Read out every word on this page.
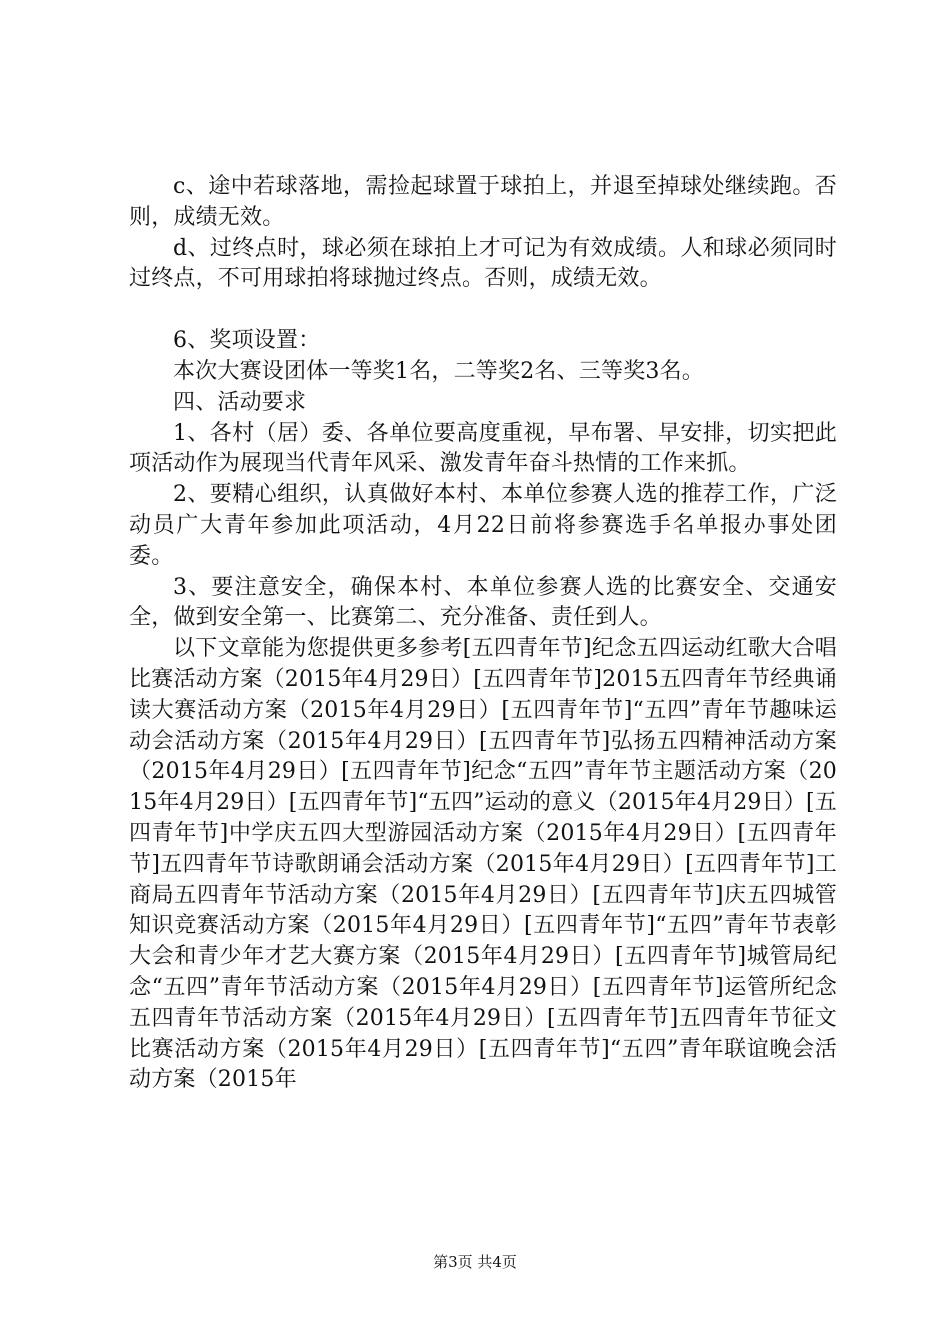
c、途中若球落地，需捡起球置于球拍上，并退至掉球处继续跑。否则，成绩无效。

d、过终点时，球必须在球拍上才可记为有效成绩。人和球必须同时过终点，不可用球拍将球抛过终点。否则，成绩无效。

6、奖项设置：

本次大赛设团体一等奖1名，二等奖2名、三等奖3名。

四、活动要求

1、各村（居）委、各单位要高度重视，早布署、早安排，切实把此项活动作为展现当代青年风采、激发青年奋斗热情的工作来抓。

2、要精心组织，认真做好本村、本单位参赛人选的推荐工作，广泛动员广大青年参加此项活动，4月22日前将参赛选手名单报办事处团委。

3、要注意安全，确保本村、本单位参赛人选的比赛安全、交通安全，做到安全第一、比赛第二、充分准备、责任到人。

以下文章能为您提供更多参考[五四青年节]纪念五四运动红歌大合唱比赛活动方案（2015年4月29日）[五四青年节]2015五四青年节经典诵读大赛活动方案（2015年4月29日）[五四青年节]“五四”青年节趣味运动会活动方案（2015年4月29日）[五四青年节]弘扬五四精神活动方案（2015年4月29日）[五四青年节]纪念“五四”青年节主题活动方案（2015年4月29日）[五四青年节]“五四”运动的意义（2015年4月29日）[五四青年节]中学庆五四大型游园活动方案（2015年4月29日）[五四青年节]五四青年节诗歌朗诵会活动方案（2015年4月29日）[五四青年节]工商局五四青年节活动方案（2015年4月29日）[五四青年节]庆五四城管知识竞赛活动方案（2015年4月29日）[五四青年节]“五四”青年节表彰大会和青少年才艺大赛方案（2015年4月29日）[五四青年节]城管局纪念“五四”青年节活动方案（2015年4月29日）[五四青年节]运管所纪念五四青年节活动方案（2015年4月29日）[五四青年节]五四青年节征文比赛活动方案（2015年4月29日）[五四青年节]“五四”青年联谊晚会活动方案（2015年

第3页 共4页
